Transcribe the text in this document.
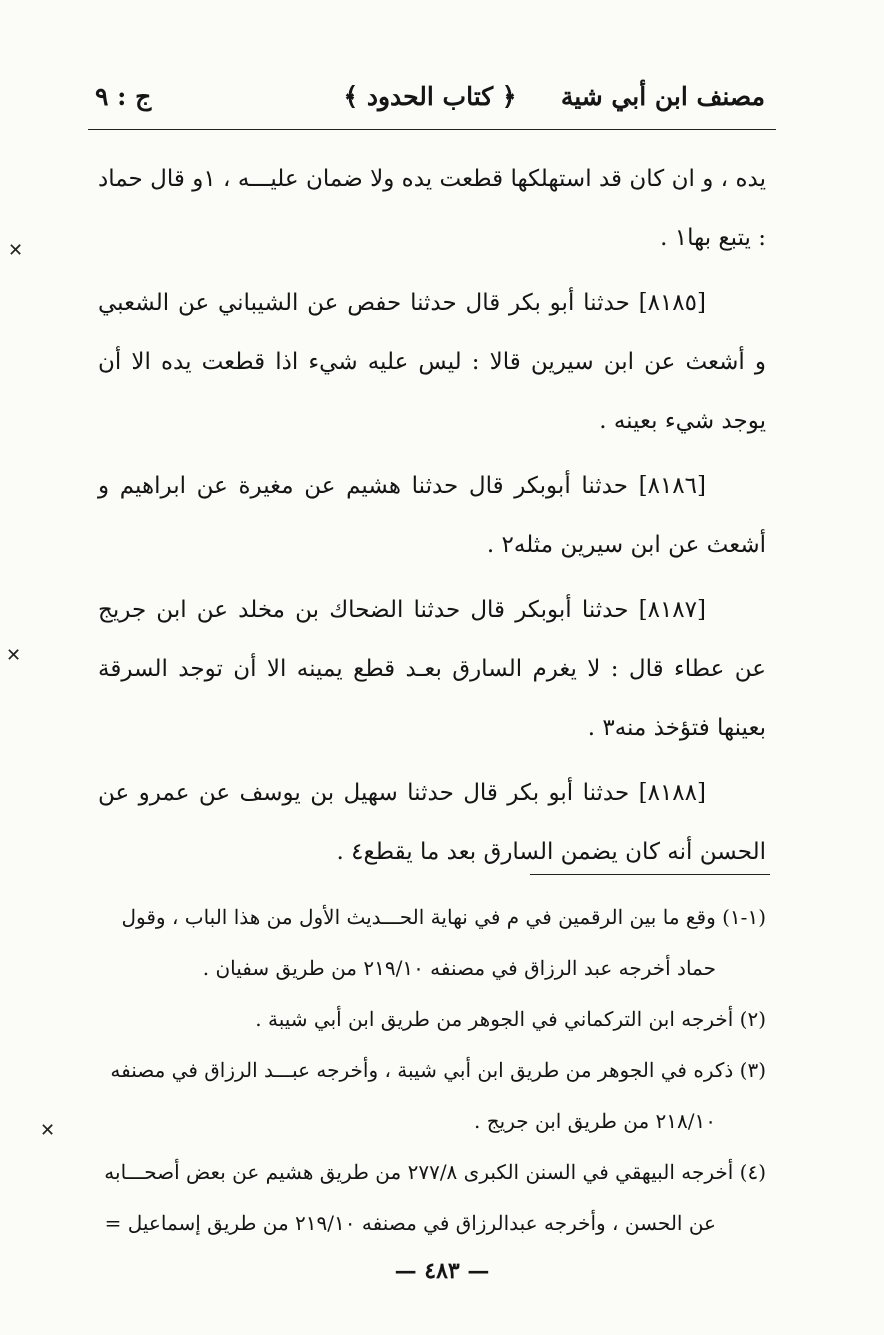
مصنف ابن أبي شية
﴿ كتاب الحدود ﴾
ج : ٩

يده ، و ان كان قد استهلكها قطعت يده ولا ضمان عليـــه ، ١و قال حماد : يتبع بها١ .

[٨١٨٥] حدثنا أبو بكر قال حدثنا حفص عن الشيباني عن الشعبي و أشعث عن ابن سيرين قالا : ليس عليه شيء اذا قطعت يده الا أن يوجد شيء بعينه .

[٨١٨٦] حدثنا أبوبكر قال حدثنا هشيم عن مغيرة عن ابراهيم و أشعث عن ابن سيرين مثله٢ .

[٨١٨٧] حدثنا أبوبكر قال حدثنا الضحاك بن مخلد عن ابن جريج عن عطاء قال : لا يغرم السارق بعـد قطع يمينه الا أن توجد السرقة بعينها فتؤخذ منه٣ .

[٨١٨٨] حدثنا أبو بكر قال حدثنا سهيل بن يوسف عن عمرو عن الحسن أنه كان يضمن السارق بعد ما يقطع٤ .

(١-١) وقع ما بين الرقمين في م في نهاية الحـــديث الأول من هذا الباب ، وقول

حماد أخرجه عبد الرزاق في مصنفه ٢١٩/١٠ من طريق سفيان .

(٢) أخرجه ابن التركماني في الجوهر من طريق ابن أبي شيبة .

(٣) ذكره في الجوهر من طريق ابن أبي شيبة ، وأخرجه عبـــد الرزاق في مصنفه

٢١٨/١٠ من طريق ابن جريج .

(٤) أخرجه البيهقي في السنن الكبرى ٢٧٧/٨ من طريق هشيم عن بعض أصحـــابه

عن الحسن ، وأخرجه عبدالرزاق في مصنفه ٢١٩/١٠ من طريق إسماعيل =

— ٤٨٣ —
✕
✕
✕
